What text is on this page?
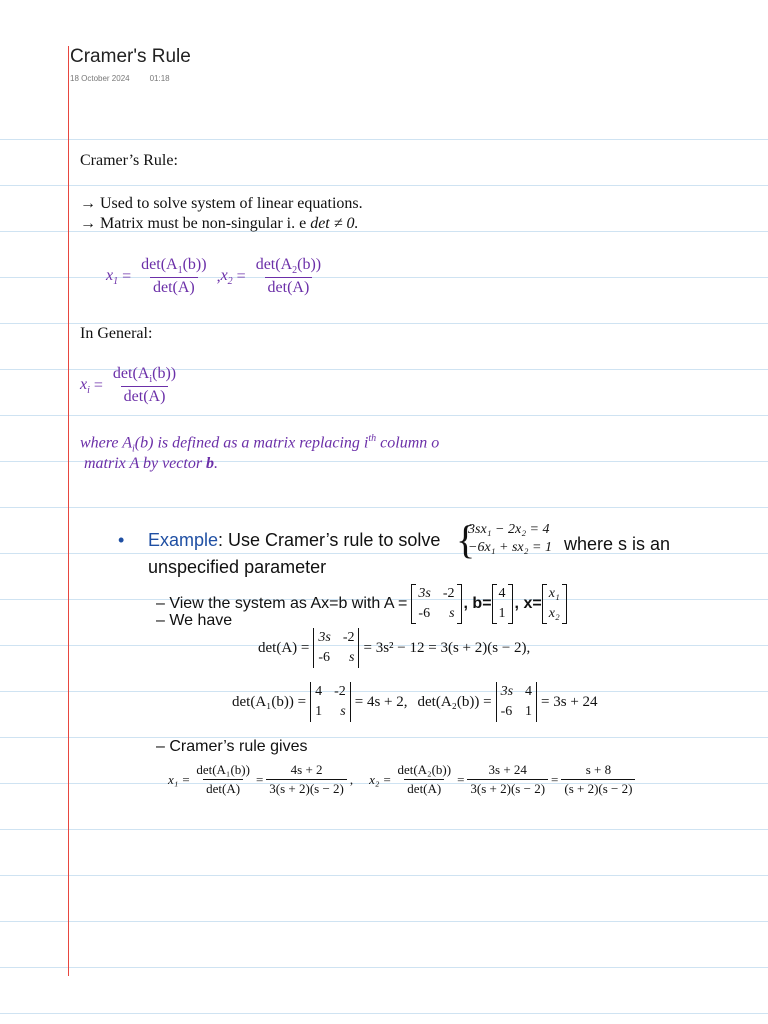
Cramer's Rule
18 October 2024	01:18
Cramer’s Rule:
→ Used to solve system of linear equations.
→ Matrix must be non-singular i. e det ≠ 0.
$x_1 = \frac{\det(A_1(b))}{\det(A)}$ , $x_2 = \frac{\det(A_2(b))}{\det(A)}$
In General:
$x_i = \frac{\det(A_i(b))}{\det(A)}$
where $A_i(b)$ is defined as a matrix replacing $i^{th}$ column o
matrix A by vector b.
• Example: Use Cramer’s rule to solve {
3sx₁ − 2x₂ = 4
−6x₁ + sx₂ = 1 where s is an
unspecified parameter
– View the system as Ax=b with A =
3s -2
-6 s
, b=
4
1
, x=
x₁
x₂
– We have
det(A) =
3s -2
-6 s
= 3s² − 12 = 3(s + 2)(s − 2),
det(A₁(b)) =
4 -2
1 s
= 4s + 2, det(A₂(b)) =
3s 4
-6 1
= 3s + 24
– Cramer’s rule gives
$x_1 = \frac{\text{det(A₁(b))}}{\det(A)} = \frac{4s + 2}{3(s + 2)(s - 2)}$ , $x_2 = \frac{\text{det(A₂(b))}}{\det(A)} = \frac{3s + 24}{3(s + 2)(s - 2)} = \frac{s + 8}{(s + 2)(s - 2)}$
